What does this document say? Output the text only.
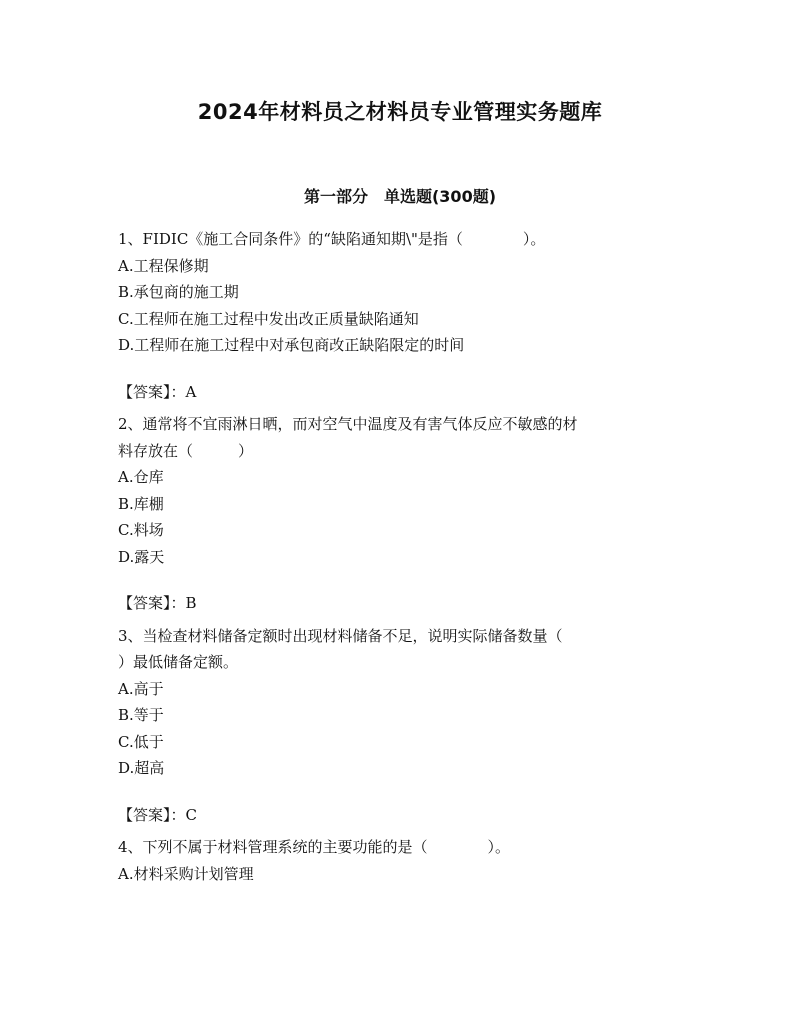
2024年材料员之材料员专业管理实务题库
第一部分　单选题(300题)

1、FIDIC《施工合同条件》的“缺陷通知期\"是指（　　　　）。

A.工程保修期

B.承包商的施工期

C.工程师在施工过程中发出改正质量缺陷通知

D.工程师在施工过程中对承包商改正缺陷限定的时间

【答案】：A

2、通常将不宜雨淋日晒，而对空气中温度及有害气体反应不敏感的材

料存放在（　　　）

A.仓库

B.库棚

C.料场

D.露天

【答案】：B

3、当检查材料储备定额时出现材料储备不足，说明实际储备数量（

）最低储备定额。

A.高于

B.等于

C.低于

D.超高

【答案】：C

4、下列不属于材料管理系统的主要功能的是（　　　　）。

A.材料采购计划管理
